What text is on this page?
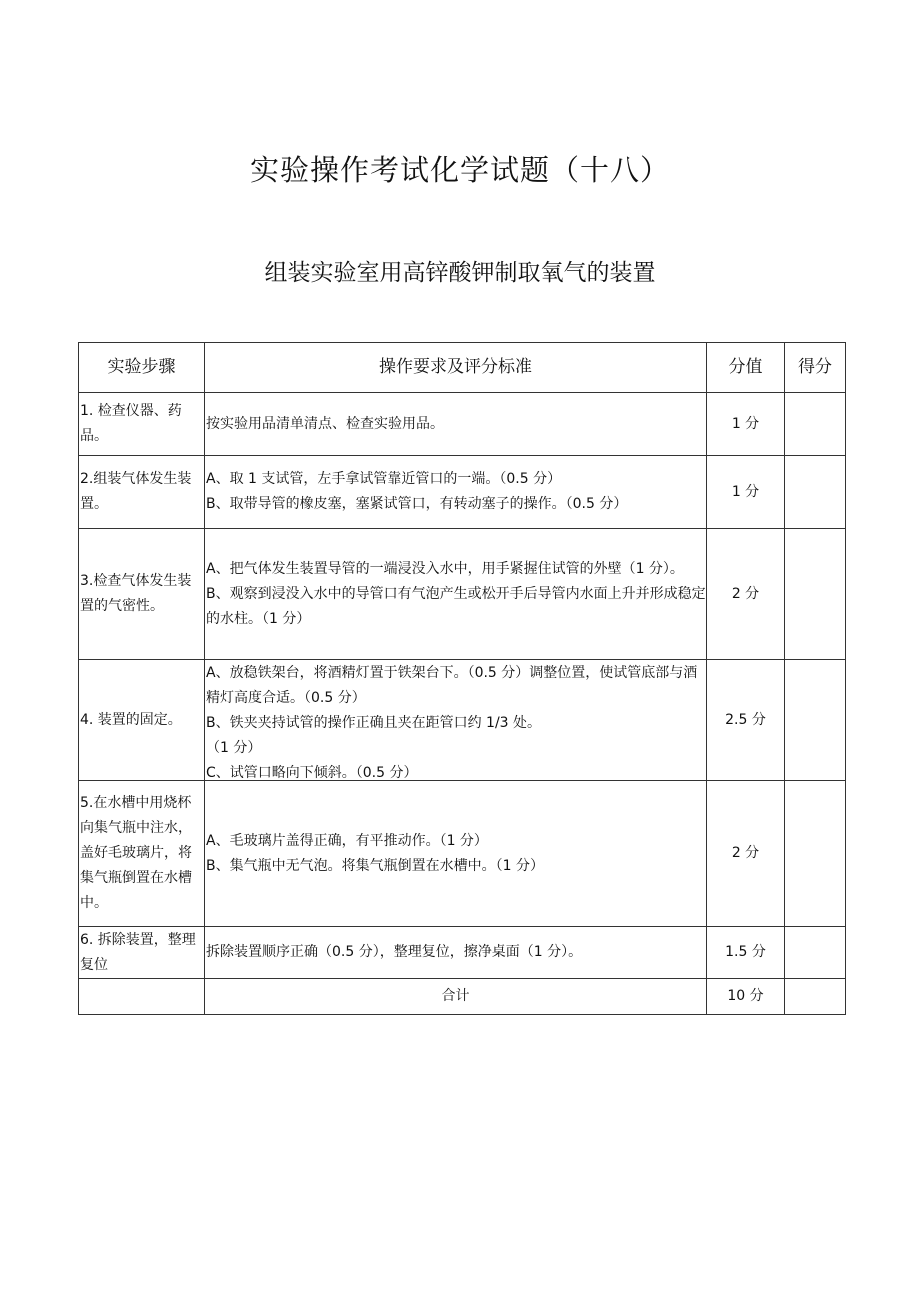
实验操作考试化学试题（十八）
组装实验室用高锌酸钾制取氧气的装置
实验步骤	操作要求及评分标准	分值	得分
1. 检查仪器、药品。	按实验用品清单清点、检查实验用品。	1 分	
2.组装气体发生装置。	A、取 1 支试管，左手拿试管靠近管口的一端。（0.5 分）
B、取带导管的橡皮塞，塞紧试管口，有转动塞子的操作。（0.5 分）	1 分	
3.检查气体发生装置的气密性。	A、把气体发生装置导管的一端浸没入水中，用手紧握住试管的外壁（1 分）。
B、观察到浸没入水中的导管口有气泡产生或松开手后导管内水面上升并形成稳定的水柱。（1 分）	2 分	
4. 装置的固定。	A、放稳铁架台，将酒精灯置于铁架台下。（0.5 分）调整位置，使试管底部与酒精灯高度合适。（0.5 分）
B、铁夹夹持试管的操作正确且夹在距管口约 1/3 处。
（1 分）
C、试管口略向下倾斜。（0.5 分）	2.5 分	
5.在水槽中用烧杯向集气瓶中注水，盖好毛玻璃片，将集气瓶倒置在水槽中。	A、毛玻璃片盖得正确，有平推动作。（1 分）
B、集气瓶中无气泡。将集气瓶倒置在水槽中。（1 分）	2 分	
6. 拆除装置，整理复位	拆除装置顺序正确（0.5 分），整理复位，擦净桌面（1 分）。	1.5 分	
	合计	10 分	
